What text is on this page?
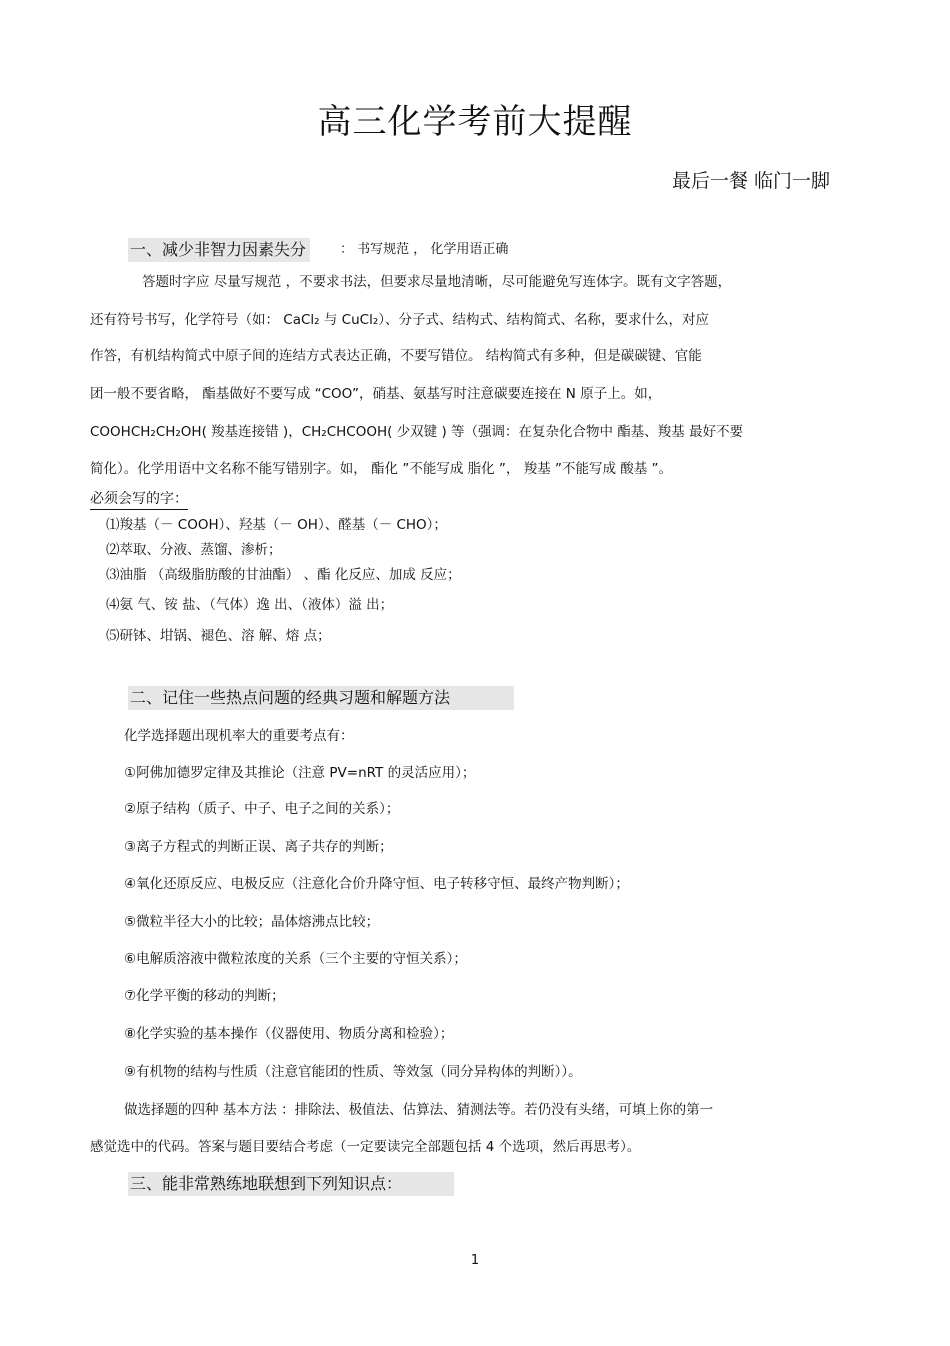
高三化学考前大提醒
最后一餐 临门一脚
一、减少非智力因素失分	： 书写规范 ， 化学用语正确
答题时字应 尽量写规范 ，不要求书法，但要求尽量地清晰，尽可能避免写连体字。既有文字答题，
还有符号书写，化学符号（如： CaCl₂ 与 CuCl₂）、分子式、结构式、结构简式、名称，要求什么，对应
作答，有机结构简式中原子间的连结方式表达正确，不要写错位。 结构简式有多种，但是碳碳键、官能
团一般不要省略， 酯基做好不要写成 “COO”，硝基、氨基写时注意碳要连接在 N 原子上。如，
COOHCH₂CH₂OH( 羧基连接错 )，CH₂CHCOOH( 少双键 ) 等（强调：在复杂化合物中 酯基、羧基 最好不要
简化）。化学用语中文名称不能写错别字。如， 酯化 ”不能写成 脂化 ”， 羧基 ”不能写成 酸基 ”。
必须会写的字：
⑴羧基（－ COOH）、羟基（－ OH）、醛基（－ CHO）；
⑵萃取、分液、蒸馏、渗析；
⑶油脂 （高级脂肪酸的甘油酯） 、酯 化反应、加成 反应；
⑷氨 气、铵 盐、（气体）逸 出、（液体）溢 出；
⑸研钵、坩锅、褪色、溶 解、熔 点；
二、记住一些热点问题的经典习题和解题方法
化学选择题出现机率大的重要考点有：
①阿佛加德罗定律及其推论（注意 PV=nRT 的灵活应用）；
②原子结构（质子、中子、电子之间的关系）；
③离子方程式的判断正误、离子共存的判断；
④氧化还原反应、电极反应（注意化合价升降守恒、电子转移守恒、最终产物判断）；
⑤微粒半径大小的比较；晶体熔沸点比较；
⑥电解质溶液中微粒浓度的关系（三个主要的守恒关系）；
⑦化学平衡的移动的判断；
⑧化学实验的基本操作（仪器使用、物质分离和检验）；
⑨有机物的结构与性质（注意官能团的性质、等效氢（同分异构体的判断））。
做选择题的四种 基本方法 ：排除法、极值法、估算法、猜测法等。若仍没有头绪，可填上你的第一
感觉选中的代码。答案与题目要结合考虑（一定要读完全部题包括 4 个选项，然后再思考）。
三、能非常熟练地联想到下列知识点：
1
